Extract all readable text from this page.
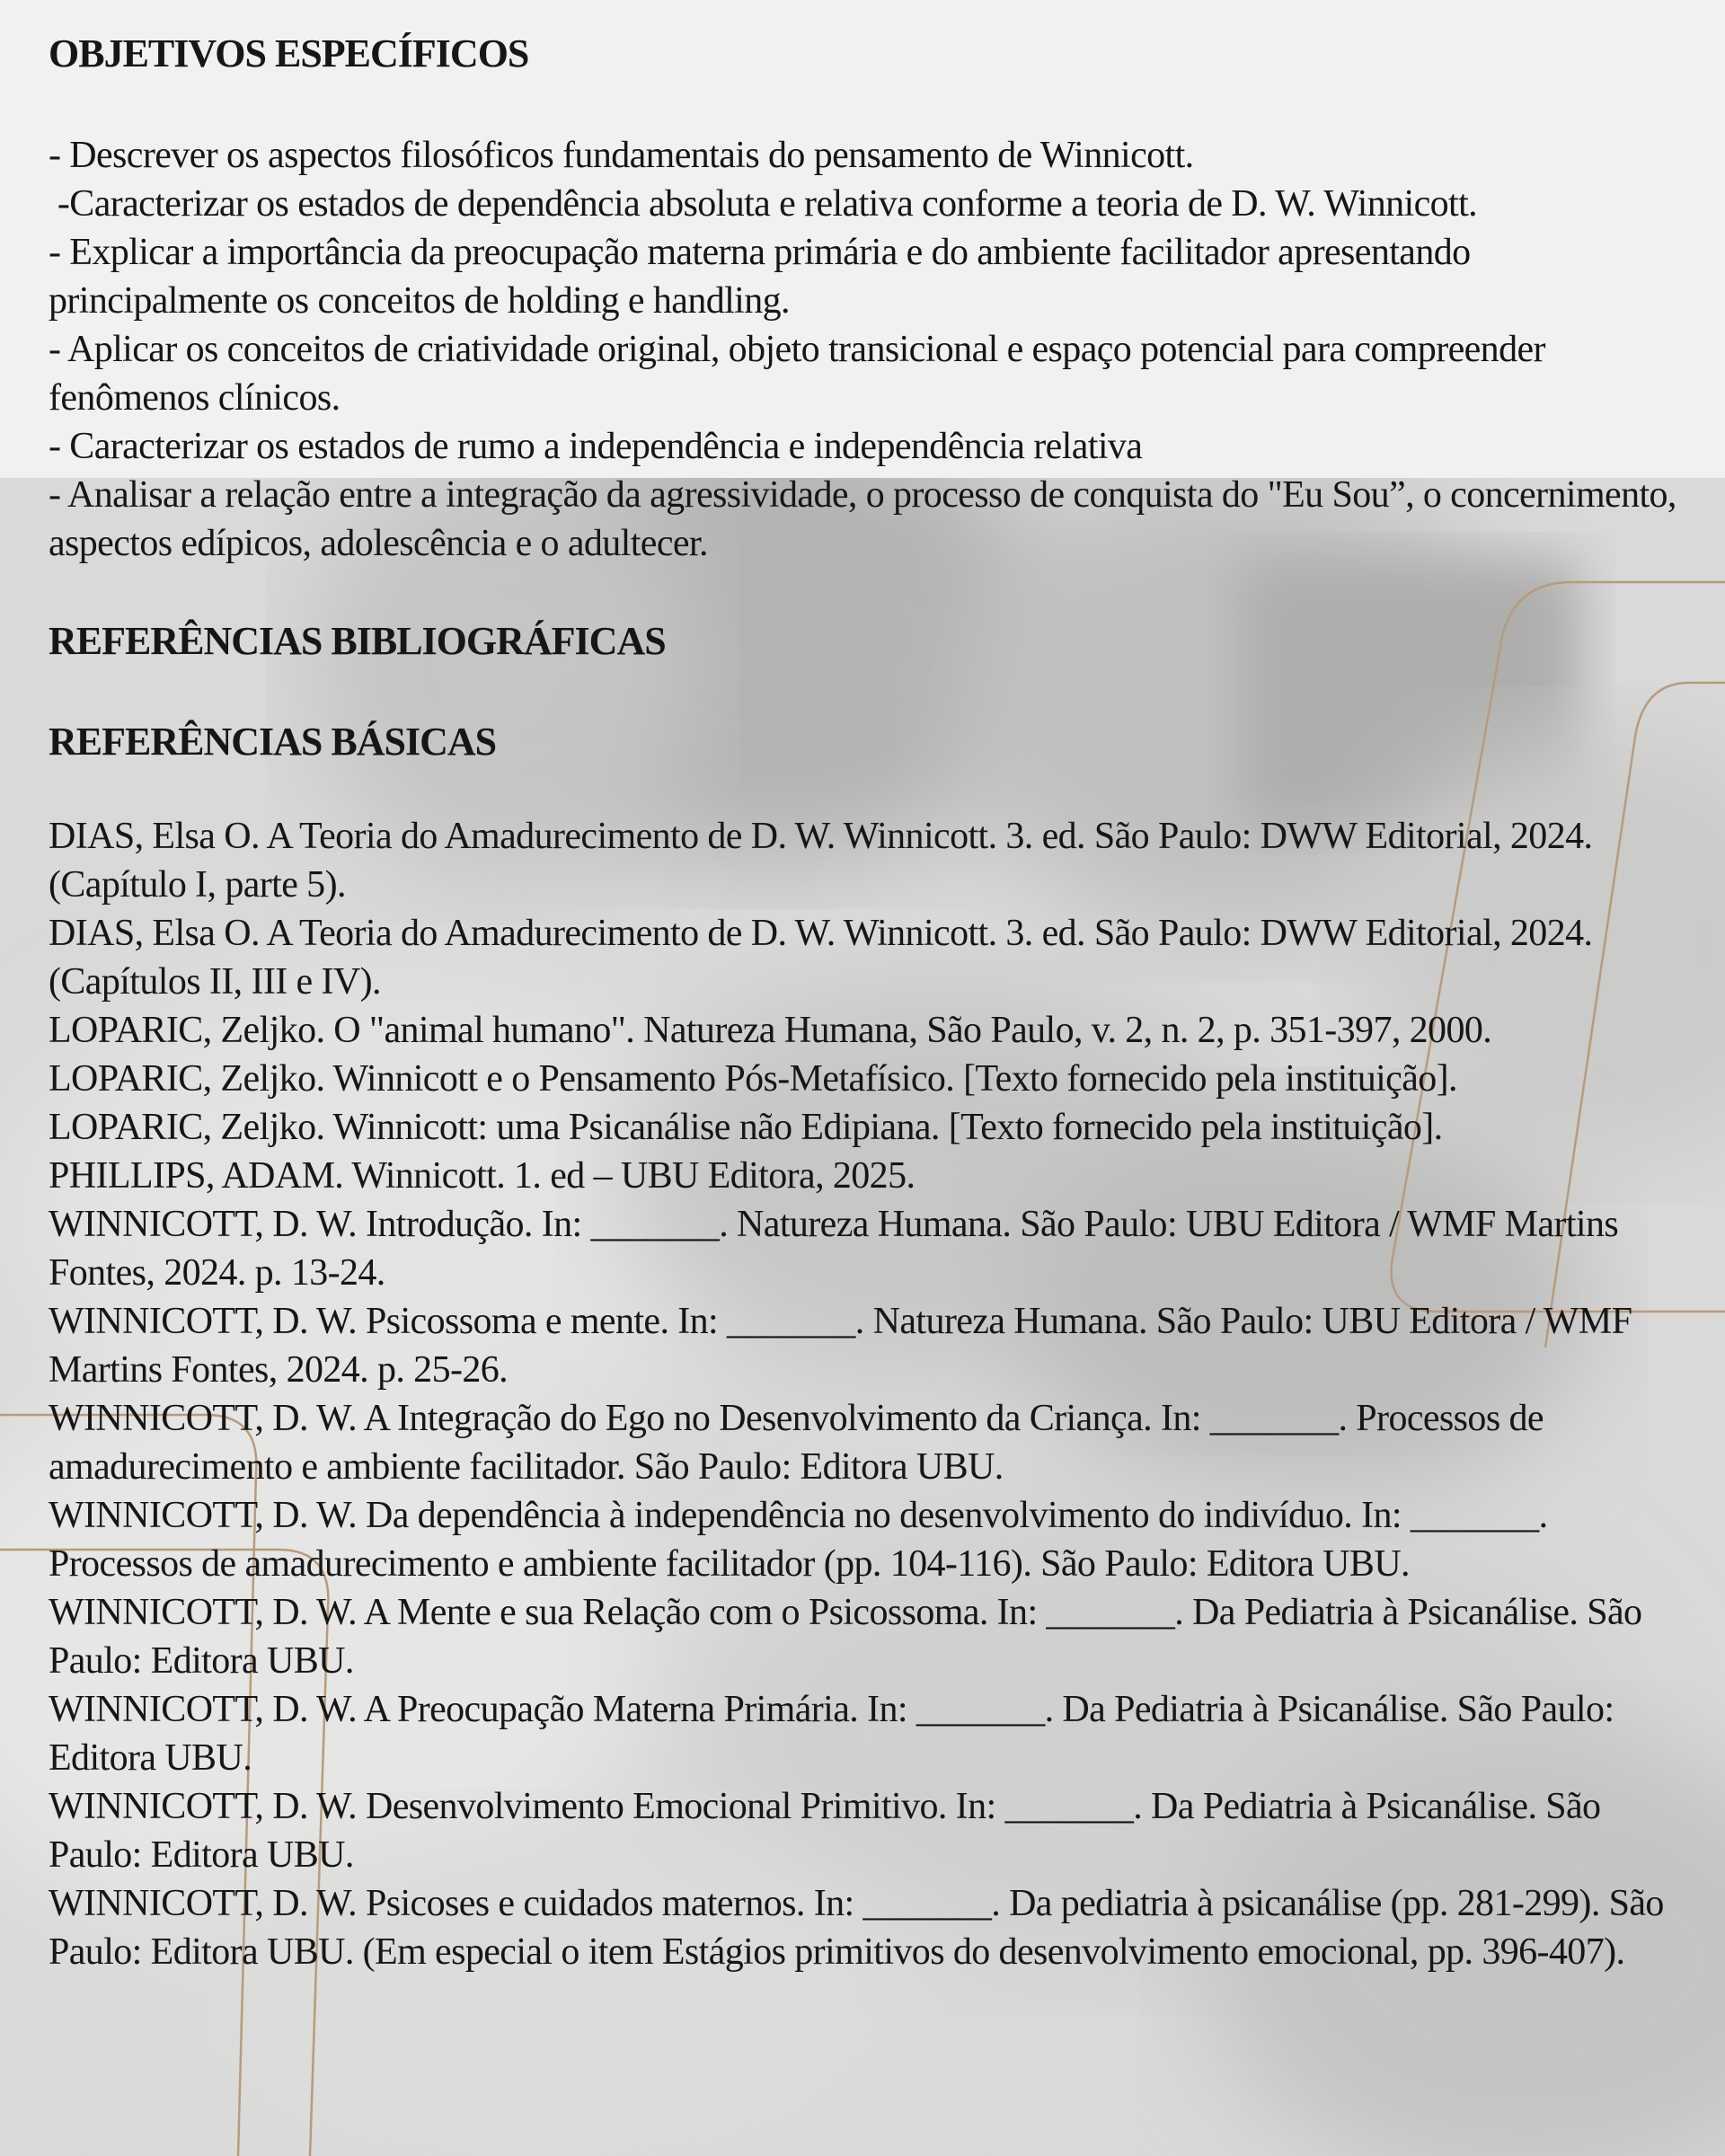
OBJETIVOS ESPECÍFICOS

- Descrever os aspectos filosóficos fundamentais do pensamento de Winnicott.

-Caracterizar os estados de dependência absoluta e relativa conforme a teoria de D. W. Winnicott.

- Explicar a importância da preocupação materna primária e do ambiente facilitador apresentando principalmente os conceitos de holding e handling.

- Aplicar os conceitos de criatividade original, objeto transicional e espaço potencial para compreender fenômenos clínicos.

- Caracterizar os estados de rumo a independência e independência relativa

- Analisar a relação entre a integração da agressividade, o processo de conquista do "Eu Sou”, o concernimento, aspectos edípicos, adolescência e o adultecer.

REFERÊNCIAS BIBLIOGRÁFICAS
REFERÊNCIAS BÁSICAS

DIAS, Elsa O. A Teoria do Amadurecimento de D. W. Winnicott. 3. ed. São Paulo: DWW Editorial, 2024. (Capítulo I, parte 5).

DIAS, Elsa O. A Teoria do Amadurecimento de D. W. Winnicott. 3. ed. São Paulo: DWW Editorial, 2024. (Capítulos II, III e IV).

LOPARIC, Zeljko. O "animal humano". Natureza Humana, São Paulo, v. 2, n. 2, p. 351-397, 2000.

LOPARIC, Zeljko. Winnicott e o Pensamento Pós-Metafísico. [Texto fornecido pela instituição].

LOPARIC, Zeljko. Winnicott: uma Psicanálise não Edipiana. [Texto fornecido pela instituição].

PHILLIPS, ADAM. Winnicott. 1. ed – UBU Editora, 2025.

WINNICOTT, D. W. Introdução. In: _______. Natureza Humana. São Paulo: UBU Editora / WMF Martins Fontes, 2024. p. 13-24.

WINNICOTT, D. W. Psicossoma e mente. In: _______. Natureza Humana. São Paulo: UBU Editora / WMF Martins Fontes, 2024. p. 25-26.

WINNICOTT, D. W. A Integração do Ego no Desenvolvimento da Criança. In: _______. Processos de amadurecimento e ambiente facilitador. São Paulo: Editora UBU.

WINNICOTT, D. W. Da dependência à independência no desenvolvimento do indivíduo. In: _______. Processos de amadurecimento e ambiente facilitador (pp. 104-116). São Paulo: Editora UBU.

WINNICOTT, D. W. A Mente e sua Relação com o Psicossoma. In: _______. Da Pediatria à Psicanálise. São Paulo: Editora UBU.

WINNICOTT, D. W. A Preocupação Materna Primária. In: _______. Da Pediatria à Psicanálise. São Paulo: Editora UBU.

WINNICOTT, D. W. Desenvolvimento Emocional Primitivo. In: _______. Da Pediatria à Psicanálise. São Paulo: Editora UBU.

WINNICOTT, D. W. Psicoses e cuidados maternos. In: _______. Da pediatria à psicanálise (pp. 281-299). São Paulo: Editora UBU. (Em especial o item Estágios primitivos do desenvolvimento emocional, pp. 396-407).
